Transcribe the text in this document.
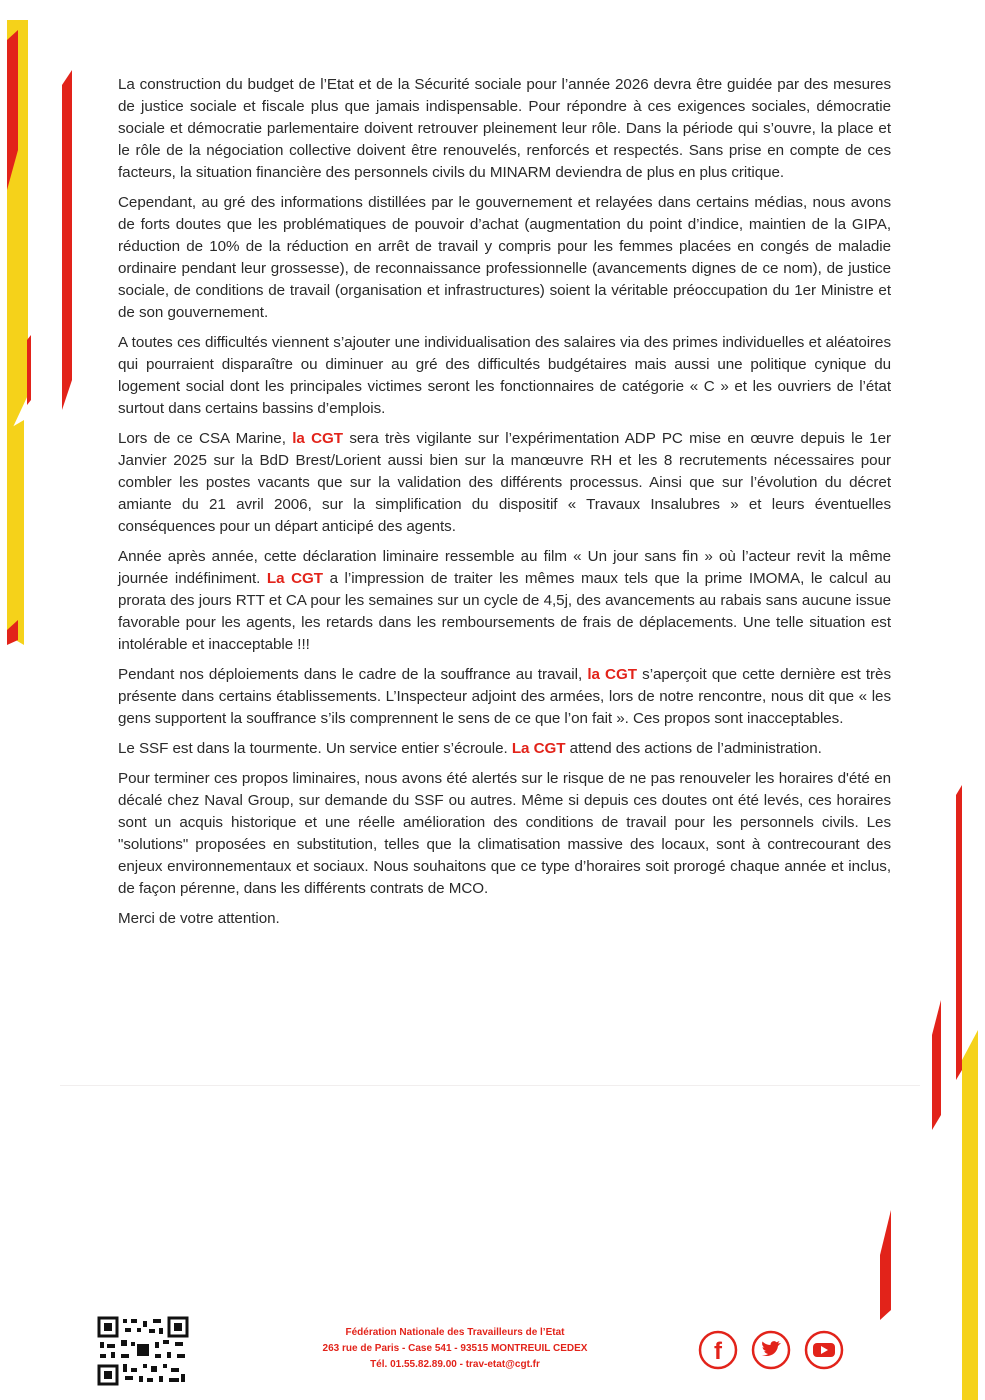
La construction du budget de l’Etat et de la Sécurité sociale pour l’année 2026 devra être guidée par des mesures de justice sociale et fiscale plus que jamais indispensable. Pour répondre à ces exigences sociales, démocratie sociale et démocratie parlementaire doivent retrouver pleinement leur rôle. Dans la période qui s’ouvre, la place et le rôle de la négociation collective doivent être renouvelés, renforcés et respectés. Sans prise en compte de ces facteurs, la situation financière des personnels civils du MINARM deviendra de plus en plus critique.

Cependant, au gré des informations distillées par le gouvernement et relayées dans certains médias, nous avons de forts doutes que les problématiques de pouvoir d’achat (augmentation du point d’indice, maintien de la GIPA, réduction de 10% de la réduction en arrêt de travail y compris pour les femmes placées en congés de maladie ordinaire pendant leur grossesse), de reconnaissance professionnelle (avancements dignes de ce nom), de justice sociale, de conditions de travail (organisation et infrastructures) soient la véritable préoccupation du 1er Ministre et de son gouvernement.

A toutes ces difficultés viennent s’ajouter une individualisation des salaires via des primes individuelles et aléatoires qui pourraient disparaître ou diminuer au gré des difficultés budgétaires mais aussi une politique cynique du logement social dont les principales victimes seront les fonctionnaires de catégorie « C » et les ouvriers de l’état surtout dans certains bassins d’emplois.

Lors de ce CSA Marine, la CGT sera très vigilante sur l’expérimentation ADP PC mise en œuvre depuis le 1er Janvier 2025 sur la BdD Brest/Lorient aussi bien sur la manœuvre RH et les 8 recrutements nécessaires pour combler les postes vacants que sur la validation des différents processus. Ainsi que sur l’évolution du décret amiante du 21 avril 2006, sur la simplification du dispositif « Travaux Insalubres » et leurs éventuelles conséquences pour un départ anticipé des agents.

Année après année, cette déclaration liminaire ressemble au film « Un jour sans fin » où l’acteur revit la même journée indéfiniment. La CGT a l’impression de traiter les mêmes maux tels que la prime IMOMA, le calcul au prorata des jours RTT et CA pour les semaines sur un cycle de 4,5j, des avancements au rabais sans aucune issue favorable pour les agents, les retards dans les remboursements de frais de déplacements. Une telle situation est intolérable et inacceptable !!!

Pendant nos déploiements dans le cadre de la souffrance au travail, la CGT s’aperçoit que cette dernière est très présente dans certains établissements. L’Inspecteur adjoint des armées, lors de notre rencontre, nous dit que « les gens supportent la souffrance s’ils comprennent le sens de ce que l’on fait ». Ces propos sont inacceptables.

Le SSF est dans la tourmente. Un service entier s’écroule. La CGT attend des actions de l’administration.

Pour terminer ces propos liminaires, nous avons été alertés sur le risque de ne pas renouveler les horaires d'été en décalé chez Naval Group, sur demande du SSF ou autres. Même si depuis ces doutes ont été levés, ces horaires sont un acquis historique et une réelle amélioration des conditions de travail pour les personnels civils. Les "solutions" proposées en substitution, telles que la climatisation massive des locaux, sont à contrecourant des enjeux environnementaux et sociaux. Nous souhaitons que ce type d’horaires soit prorogé chaque année et inclus, de façon pérenne, dans les différents contrats de MCO.

Merci de votre attention.

Fédération Nationale des Travailleurs de l’Etat
263 rue de Paris - Case 541 - 93515 MONTREUIL CEDEX
Tél. 01.55.82.89.00 - trav-etat@cgt.fr	f
